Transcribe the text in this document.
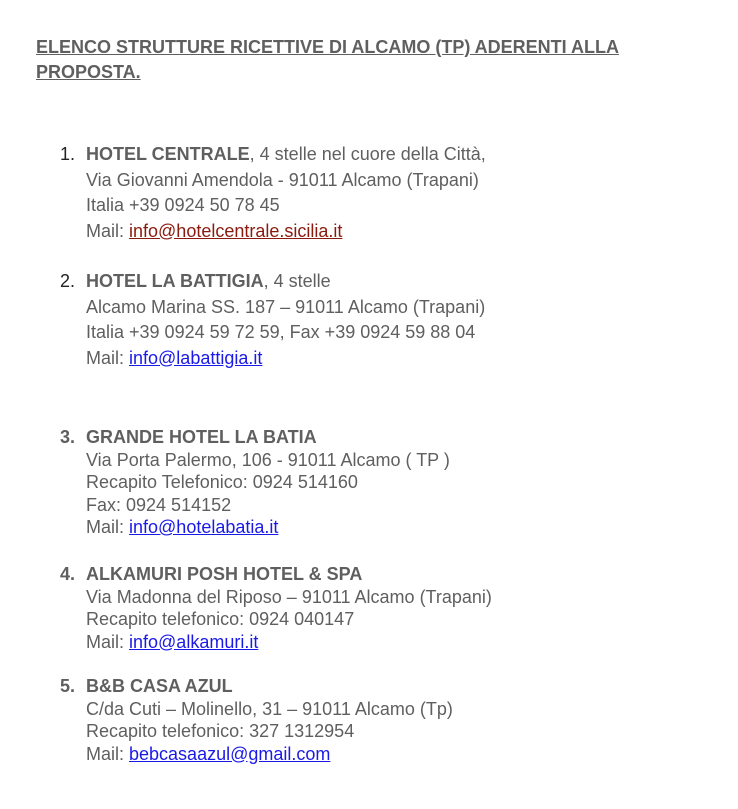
ELENCO STRUTTURE RICETTIVE DI ALCAMO (TP) ADERENTI ALLA PROPOSTA.
1. HOTEL CENTRALE, 4 stelle nel cuore della Città,
Via Giovanni Amendola - 91011 Alcamo (Trapani)
Italia +39 0924 50 78 45
Mail: info@hotelcentrale.sicilia.it
2. HOTEL LA BATTIGIA, 4 stelle
Alcamo Marina SS. 187 – 91011 Alcamo (Trapani)
Italia +39 0924 59 72 59, Fax +39 0924 59 88 04
Mail: info@labattigia.it
3. GRANDE HOTEL LA BATIA
Via Porta Palermo, 106 - 91011 Alcamo ( TP )
Recapito Telefonico: 0924 514160
Fax: 0924 514152
Mail: info@hotelabatia.it
4. ALKAMURI POSH HOTEL & SPA
Via Madonna del Riposo – 91011 Alcamo (Trapani)
Recapito telefonico: 0924 040147
Mail: info@alkamuri.it
5. B&B CASA AZUL
C/da Cuti – Molinello, 31 – 91011 Alcamo (Tp)
Recapito telefonico: 327 1312954
Mail: bebcasaazul@gmail.com
